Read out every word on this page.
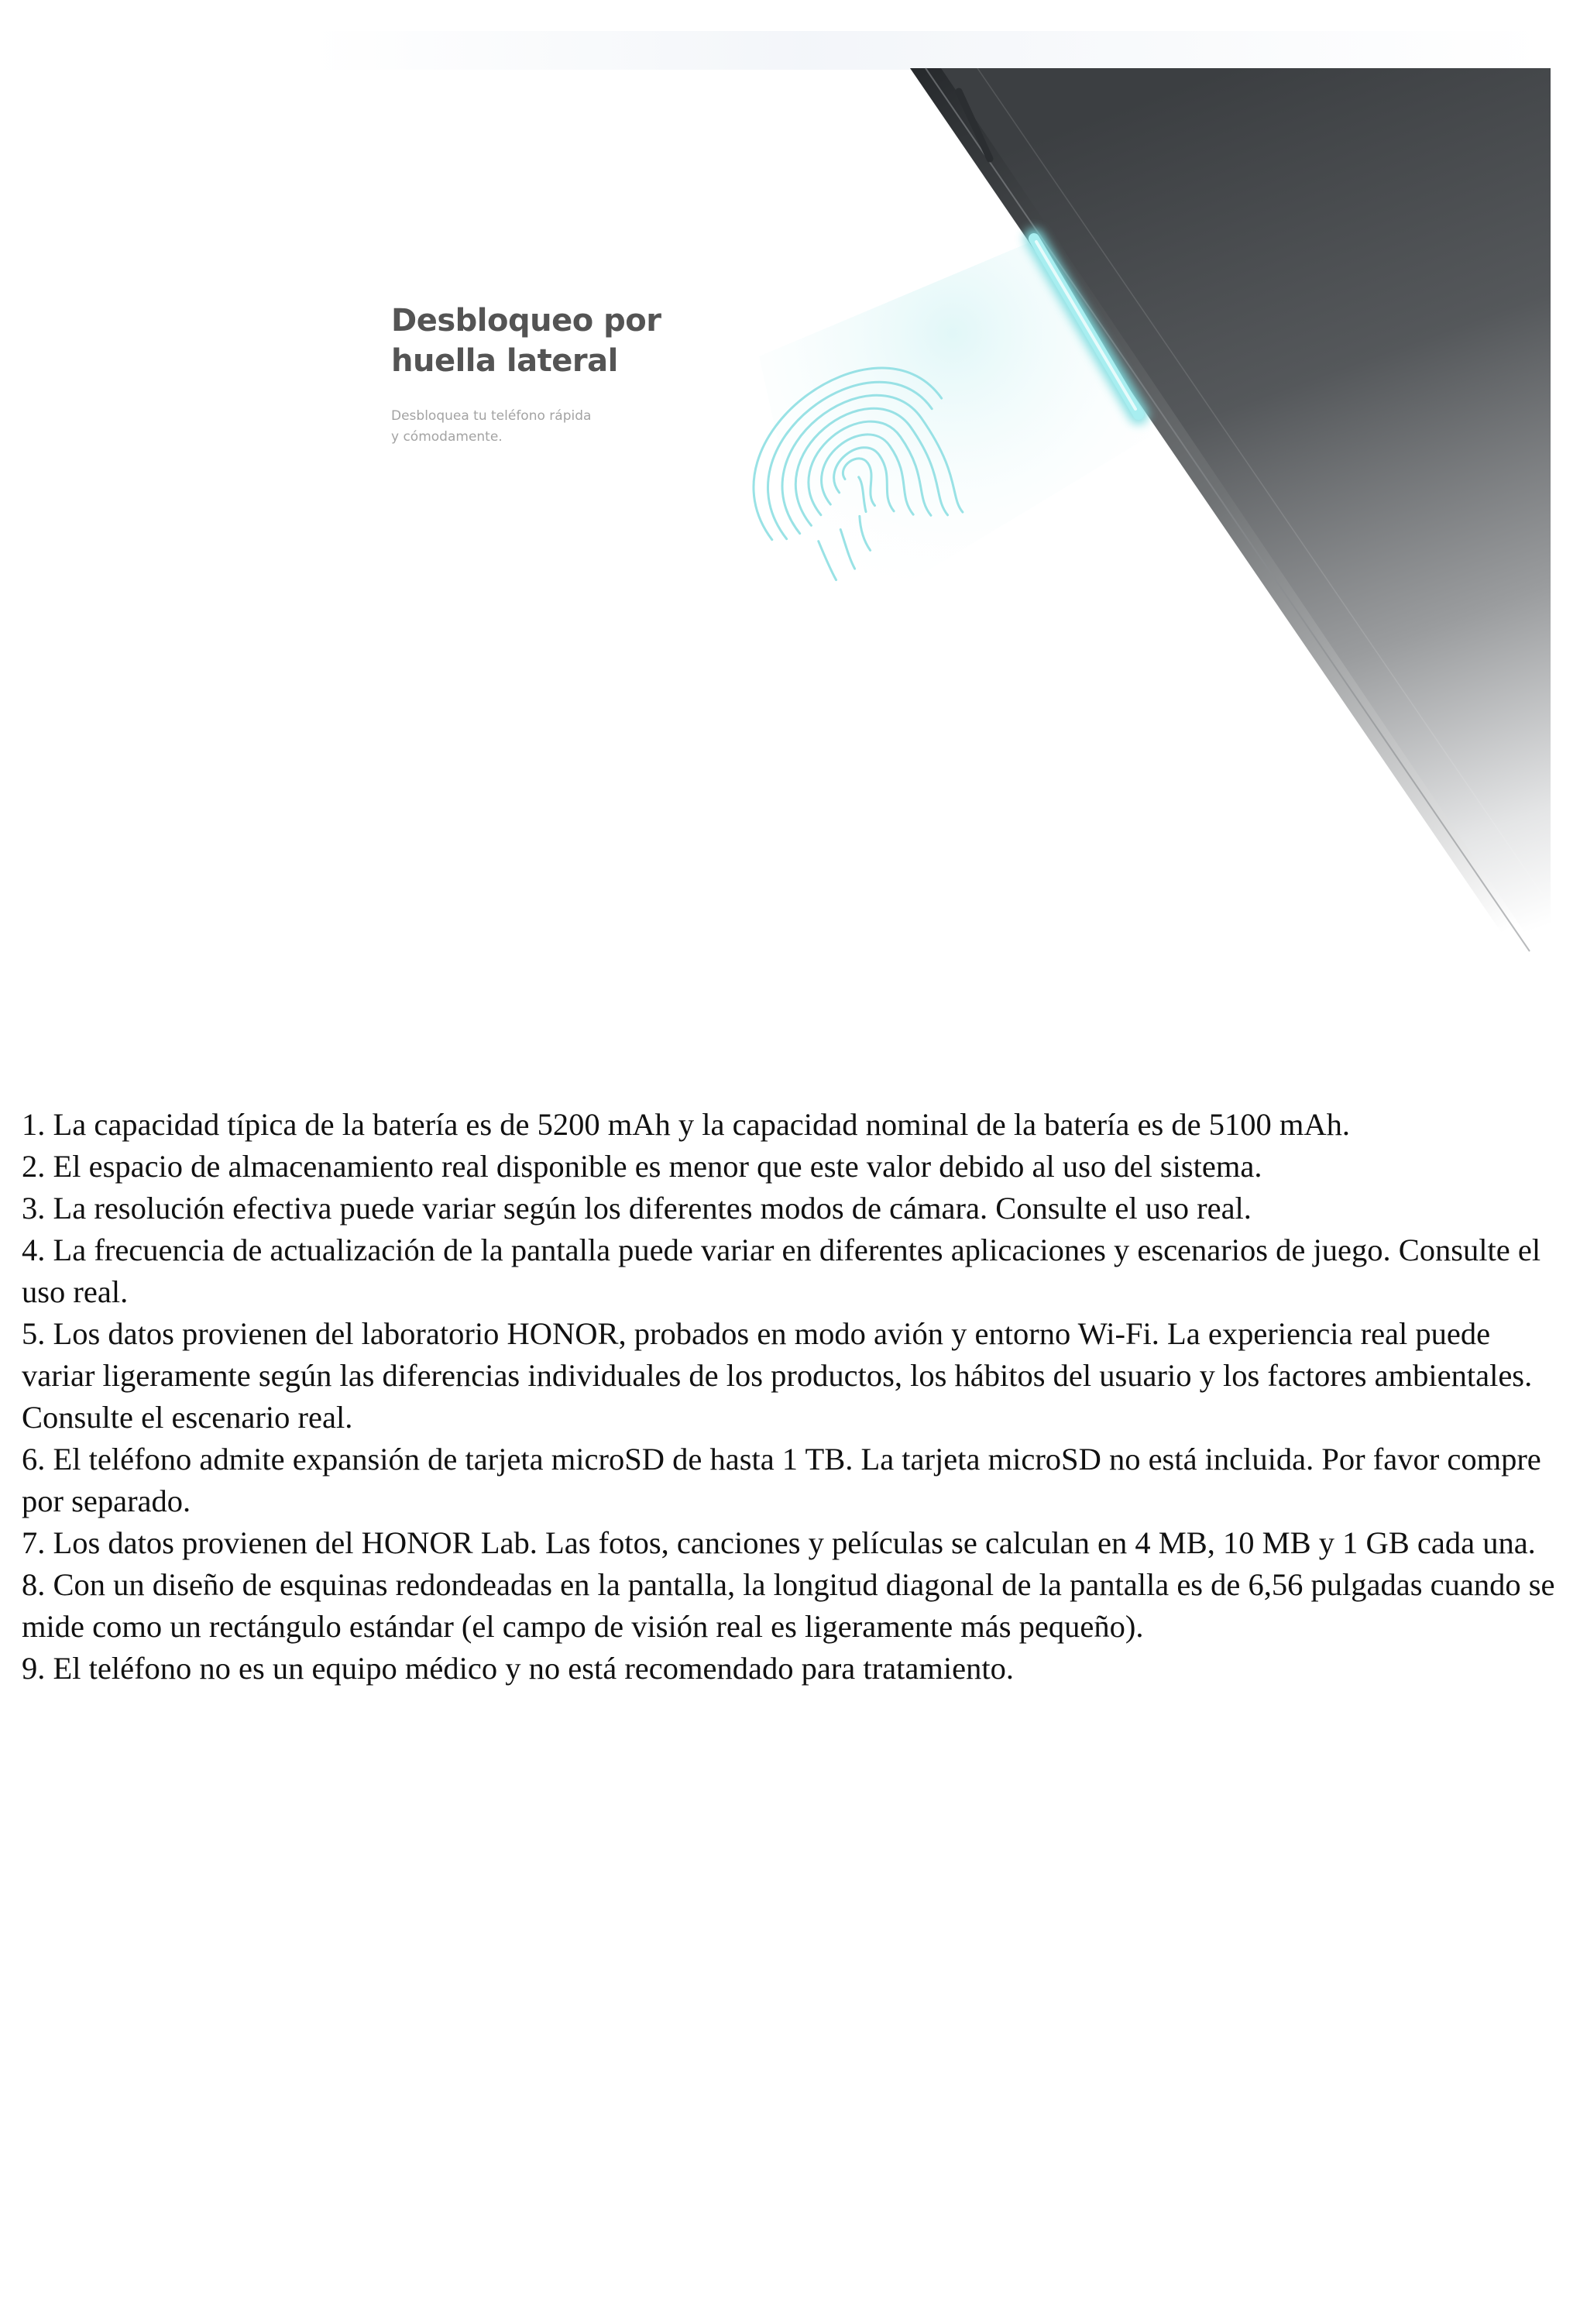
Desbloqueo por
huella lateral
Desbloquea tu teléfono rápida
y cómodamente.
1. La capacidad típica de la batería es de 5200 mAh y la capacidad nominal de la batería es de 5100 mAh.
2. El espacio de almacenamiento real disponible es menor que este valor debido al uso del sistema.
3. La resolución efectiva puede variar según los diferentes modos de cámara. Consulte el uso real.
4. La frecuencia de actualización de la pantalla puede variar en diferentes aplicaciones y escenarios de juego. Consulte el uso real.
5. Los datos provienen del laboratorio HONOR, probados en modo avión y entorno Wi-Fi. La experiencia real puede variar ligeramente según las diferencias individuales de los productos, los hábitos del usuario y los factores ambientales. Consulte el escenario real.
6. El teléfono admite expansión de tarjeta microSD de hasta 1 TB. La tarjeta microSD no está incluida. Por favor compre por separado.
7. Los datos provienen del HONOR Lab. Las fotos, canciones y películas se calculan en 4 MB, 10 MB y 1 GB cada una.
8. Con un diseño de esquinas redondeadas en la pantalla, la longitud diagonal de la pantalla es de 6,56 pulgadas cuando se mide como un rectángulo estándar (el campo de visión real es ligeramente más pequeño).
9. El teléfono no es un equipo médico y no está recomendado para tratamiento.
